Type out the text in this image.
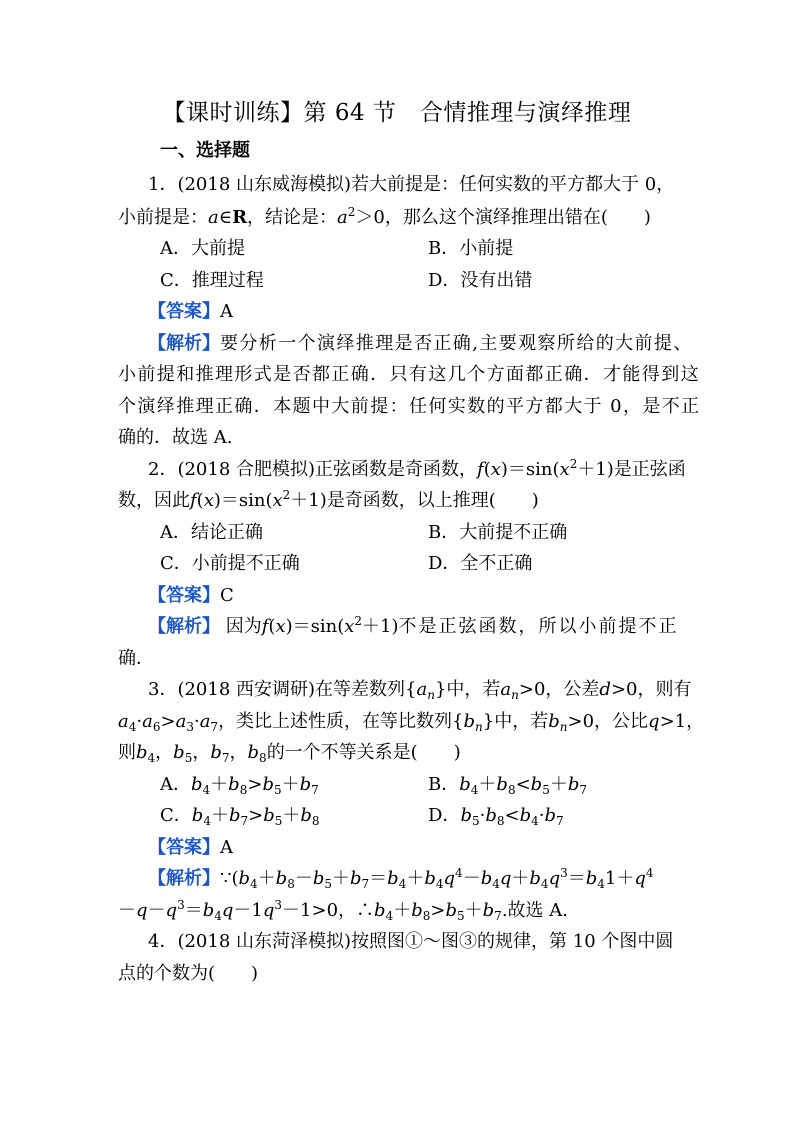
【课时训练】第 64 节　合情推理与演绎推理
一、选择题
1．(2018 山东威海模拟)若大前提是：任何实数的平方都大于 0，
小前提是：a∈R，结论是：$a^2>0$，那么这个演绎推理出错在(　　)
A．大前提	B．小前提
C．推理过程	D．没有出错
【答案】A
【解析】要分析一个演绎推理是否正确,主要观察所给的大前提、
小前提和推理形式是否都正确．只有这几个方面都正确．才能得到这
个演绎推理正确．本题中大前提：任何实数的平方都大于 0，是不正
确的．故选 A.
2．(2018 合肥模拟)正弦函数是奇函数，$f(x)=\sin(x^2+1)$是正弦函
数，因此$f(x)=\sin(x^2+1)$是奇函数，以上推理(　　)
A．结论正确	B．大前提不正确
C．小前提不正确	D．全不正确
【答案】C
【解析】 因为$f(x)=\sin(x^2+1)$不是正弦函数，所以小前提不正
确．
3．(2018 西安调研)在等差数列$\{a_n\}$中，若$a_n>0$，公差d>0，则有
$a_4\cdot a_6>a_3\cdot a_7$，类比上述性质，在等比数列$\{b_n\}$中，若$b_n>0$，公比q>1，
则$b_4$，$b_5$，$b_7$，$b_8$的一个不等关系是(　　)
A．$b_4+b_8>b_5+b_7$	B．$b_4+b_8<b_5+b_7$
C．$b_4+b_7>b_5+b_8$	D．$b_5\cdot b_8<b_4\cdot b_7$
【答案】A
【解析】$\because(b_4+b_8-b_5+b_7=b_4+b_4q^4-b_4q+b_4q^3=b_41+q^4$
$-q-q^3=b_4q-1q^3-1>0$，$\therefore b_4+b_8>b_5+b_7$.故选 A.
4．(2018 山东菏泽模拟)按照图①～图③的规律，第 10 个图中圆
点的个数为(　　)
